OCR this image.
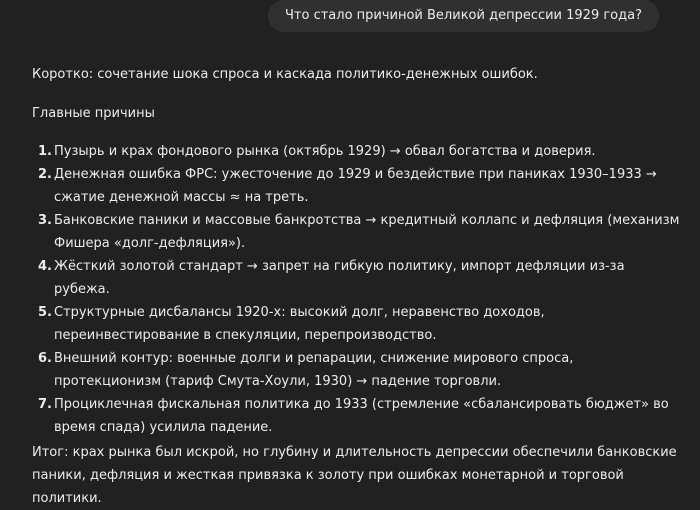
Что стало причиной Великой депрессии 1929 года?

Коротко: сочетание шока спроса и каскада политико-денежных ошибок.

Главные причины

1. Пузырь и крах фондового рынка (октябрь 1929) → обвал богатства и доверия.
2. Денежная ошибка ФРС: ужесточение до 1929 и бездействие при паниках 1930–1933 → сжатие денежной массы ≈ на треть.
3. Банковские паники и массовые банкротства → кредитный коллапс и дефляция (механизм Фишера «долг-дефляция»).
4. Жёсткий золотой стандарт → запрет на гибкую политику, импорт дефляции из-за рубежа.
5. Структурные дисбалансы 1920-х: высокий долг, неравенство доходов, переинвестирование в спекуляции, перепроизводство.
6. Внешний контур: военные долги и репарации, снижение мирового спроса, протекционизм (тариф Смута-Хоули, 1930) → падение торговли.
7. Проциклечная фискальная политика до 1933 (стремление «сбалансировать бюджет» во время спада) усилила падение.

Итог: крах рынка был искрой, но глубину и длительность депрессии обеспечили банковские паники, дефляция и жесткая привязка к золоту при ошибках монетарной и торговой политики.
